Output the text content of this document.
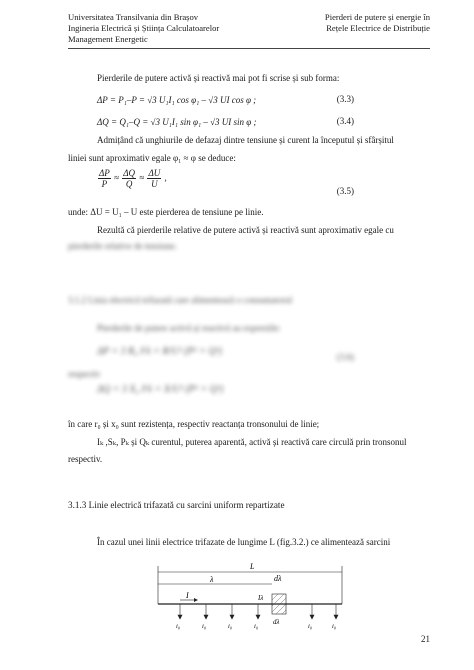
Universitatea Transilvania din Brașov
Ingineria Electrică și Știința Calculatoarelor
Management Energetic
Pierderi de putere și energie în
Rețele Electrice de Distribuție
Pierderile de putere activă și reactivă mai pot fi scrise și sub forma:
ΔP = P₁–P = √3 U₁I₁ cos φ₁ – √3 UI cos φ ;	(3.3)
ΔQ = Q₁–Q = √3 U₁I₁ sin φ₁ – √3 UI sin φ ;	(3.4)
Admițând că unghiurile de defazaj dintre tensiune și curent la începutul și sfârșitul
liniei sunt aproximativ egale φ₁ ≈ φ se deduce:
$\frac{\Delta P}{P} \approx \frac{\Delta Q}{Q} \approx \frac{\Delta U}{U}$ ,
(3.5)
unde: ΔU = U₁ – U este pierderea de tensiune pe linie.
Rezultă că pierderile relative de putere activă și reactivă sunt aproximativ egale cu
pierderile relative de tensiune.
3.1.2 Linia electrică trifazată care alimentează o consumatorul
Pierderile de putere activă și reactivă au expresiile:
ΔP = 3 R₀ I²λ = R/U² (P² + Q²)	(3.6)
respectiv
ΔQ = 3 X₀ I²λ = X/U² (P² + Q²)
în care r₀ și x₀ sunt rezistența, respectiv reactanța tronsonului de linie;
Iₖ ,Sₖ, Pₖ și Qₖ curentul, puterea aparentă, activă și reactivă care circulă prin tronsonul
respectiv.
3.1.3 Linie electrică trifazată cu sarcini uniform repartizate
În cazul unei linii electrice trifazate de lungime L (fig.3.2.) ce alimentează sarcini
L
λ	dλ
I	Iλ
dλ
i₀	i₀	i₀	i₀	i₀	i₀
21
